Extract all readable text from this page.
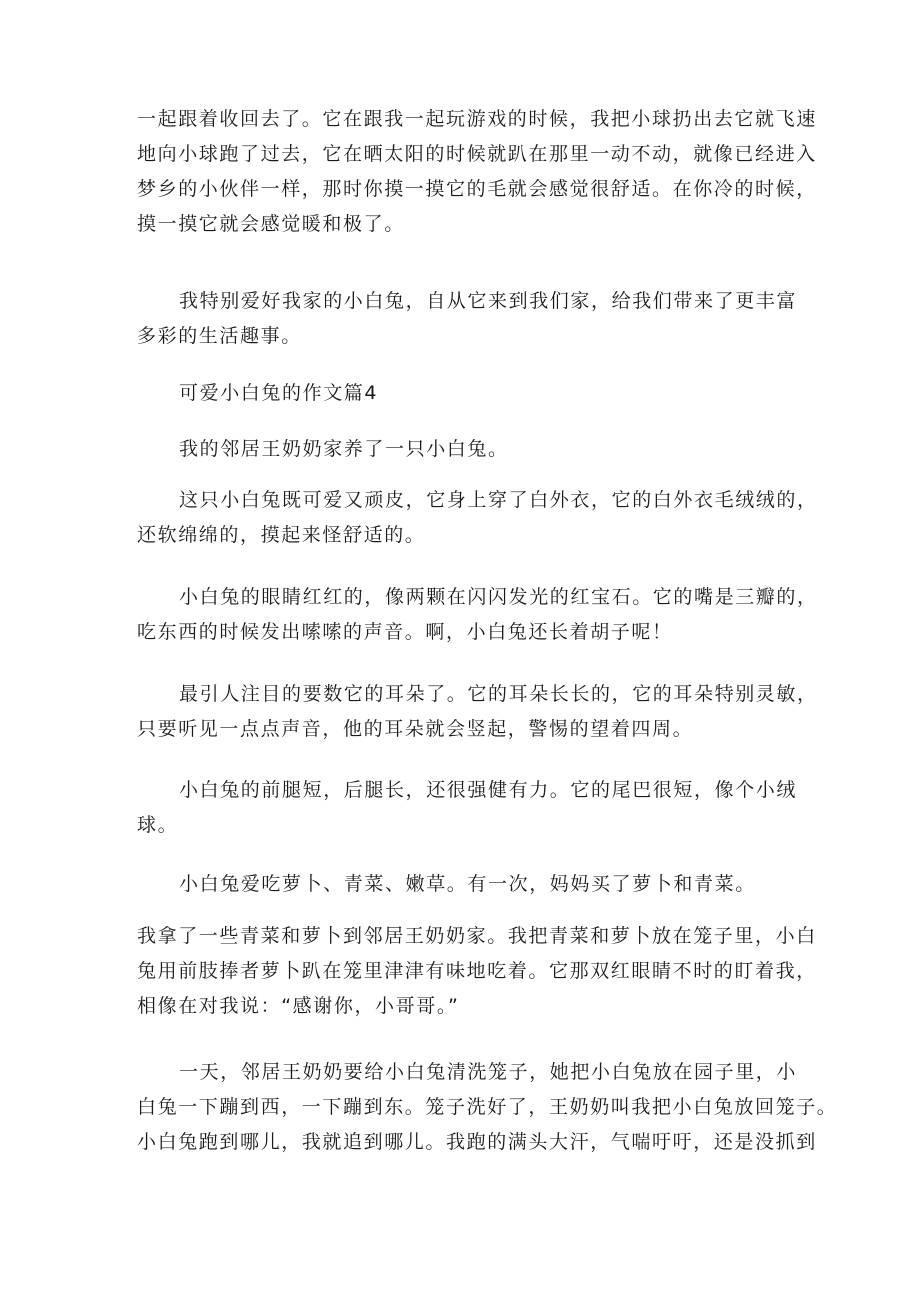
一起跟着收回去了。它在跟我一起玩游戏的时候，我把小球扔出去它就飞速
地向小球跑了过去，它在晒太阳的时候就趴在那里一动不动，就像已经进入
梦乡的小伙伴一样，那时你摸一摸它的毛就会感觉很舒适。在你冷的时候，
摸一摸它就会感觉暖和极了。

我特别爱好我家的小白兔，自从它来到我们家，给我们带来了更丰富
多彩的生活趣事。

可爱小白兔的作文篇4

我的邻居王奶奶家养了一只小白兔。

这只小白兔既可爱又顽皮，它身上穿了白外衣，它的白外衣毛绒绒的，
还软绵绵的，摸起来怪舒适的。

小白兔的眼睛红红的，像两颗在闪闪发光的红宝石。它的嘴是三瓣的，
吃东西的时候发出嗦嗦的声音。啊，小白兔还长着胡子呢！

最引人注目的要数它的耳朵了。它的耳朵长长的，它的耳朵特别灵敏，
只要听见一点点声音，他的耳朵就会竖起，警惕的望着四周。

小白兔的前腿短，后腿长，还很强健有力。它的尾巴很短，像个小绒
球。

小白兔爱吃萝卜、青菜、嫩草。有一次，妈妈买了萝卜和青菜。

我拿了一些青菜和萝卜到邻居王奶奶家。我把青菜和萝卜放在笼子里，小白
兔用前肢捧者萝卜趴在笼里津津有味地吃着。它那双红眼睛不时的盯着我，
相像在对我说：“感谢你，小哥哥。”

一天，邻居王奶奶要给小白兔清洗笼子，她把小白兔放在园子里，小
白兔一下蹦到西，一下蹦到东。笼子洗好了，王奶奶叫我把小白兔放回笼子。
小白兔跑到哪儿，我就追到哪儿。我跑的满头大汗，气喘吁吁，还是没抓到
